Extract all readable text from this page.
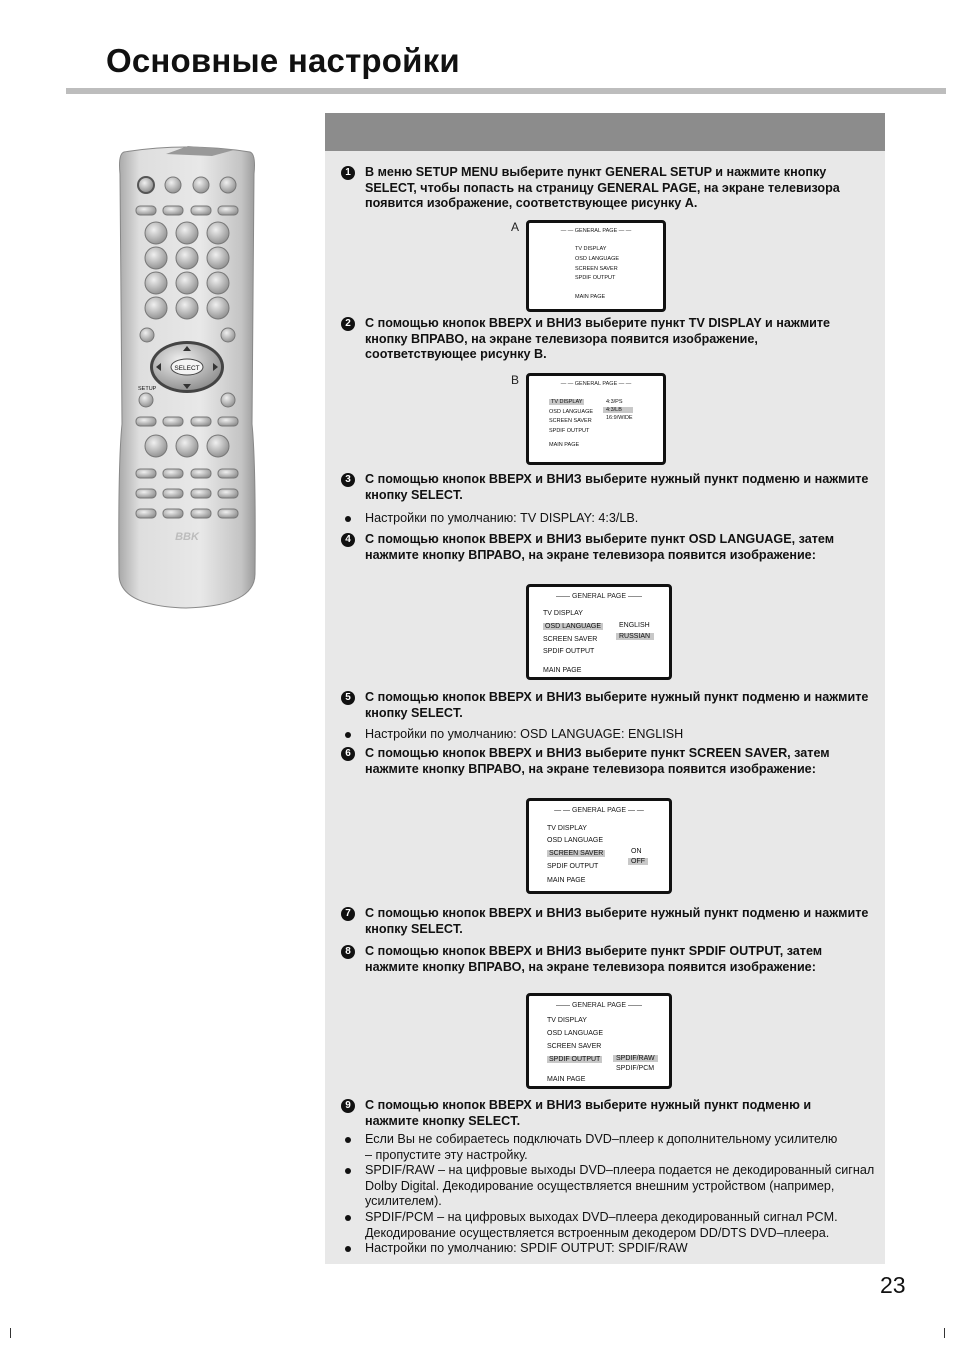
Основные настройки
SELECT
SETUP
BBK
1	В меню SETUP MENU выберите пункт GENERAL SETUP и нажмите кнопку SELECT, чтобы попасть на страницу GENERAL PAGE, на экране телевизора появится изображение, соответствующее рисунку А.
A	— — GENERAL PAGE — —
TV DISPLAY
OSD LANGUAGE
SCREEN SAVER
SPDIF OUTPUT
MAIN PAGE
2	С помощью кнопок ВВЕРХ и ВНИЗ выберите пункт TV DISPLAY и нажмите кнопку ВПРАВО, на экране телевизора появится изображение, соответствующее рисунку В.
B	— — GENERAL PAGE — —
TV DISPLAY
OSD LANGUAGE
SCREEN SAVER
SPDIF OUTPUT
MAIN PAGE
4:3/PS
4:3/LB
16:9/WIDE
3	С помощью кнопок ВВЕРХ и ВНИЗ выберите нужный пункт подменю и нажмите кнопку SELECT.
Настройки по умолчанию: TV DISPLAY: 4:3/LB.
4	С помощью кнопок ВВЕРХ и ВНИЗ выберите пункт OSD LANGUAGE, затем нажмите кнопку ВПРАВО, на экране телевизора появится изображение:
—— GENERAL PAGE ——
TV DISPLAY
OSD LANGUAGE
SCREEN SAVER
SPDIF OUTPUT
MAIN PAGE
ENGLISH
RUSSIAN
5	С помощью кнопок ВВЕРХ и ВНИЗ выберите нужный пункт подменю и нажмите кнопку SELECT.
Настройки по умолчанию: OSD LANGUAGE: ENGLISH
6	С помощью кнопок ВВЕРХ и ВНИЗ выберите пункт SCREEN SAVER, затем нажмите кнопку ВПРАВО, на экране телевизора появится изображение:
— — GENERAL PAGE — —
TV DISPLAY
OSD LANGUAGE
SCREEN SAVER
SPDIF OUTPUT
MAIN PAGE
ON
OFF
7	С помощью кнопок ВВЕРХ и ВНИЗ выберите нужный пункт подменю и нажмите кнопку SELECT.
8	С помощью кнопок ВВЕРХ и ВНИЗ выберите пункт SPDIF OUTPUT, затем нажмите кнопку ВПРАВО, на экране телевизора появится изображение:
—— GENERAL PAGE ——
TV DISPLAY
OSD LANGUAGE
SCREEN SAVER
SPDIF OUTPUT
MAIN PAGE
SPDIF/RAW
SPDIF/PCM
9	С помощью кнопок ВВЕРХ и ВНИЗ выберите нужный пункт подменю и нажмите кнопку SELECT.
Если Вы не собираетесь подключать DVD–плеер к дополнительному усилителю – пропустите эту настройку.
SPDIF/RAW – на цифровые выходы DVD–плеера подается не декодированный сигнал Dolby Digital. Декодирование осуществляется внешним устройством (например, усилителем).
SPDIF/PCM – на цифровых выходах DVD–плеера декодированный сигнал PCM. Декодирование осуществляется встроенным декодером DD/DTS DVD–плеера.
Настройки по умолчанию: SPDIF OUTPUT: SPDIF/RAW
23
